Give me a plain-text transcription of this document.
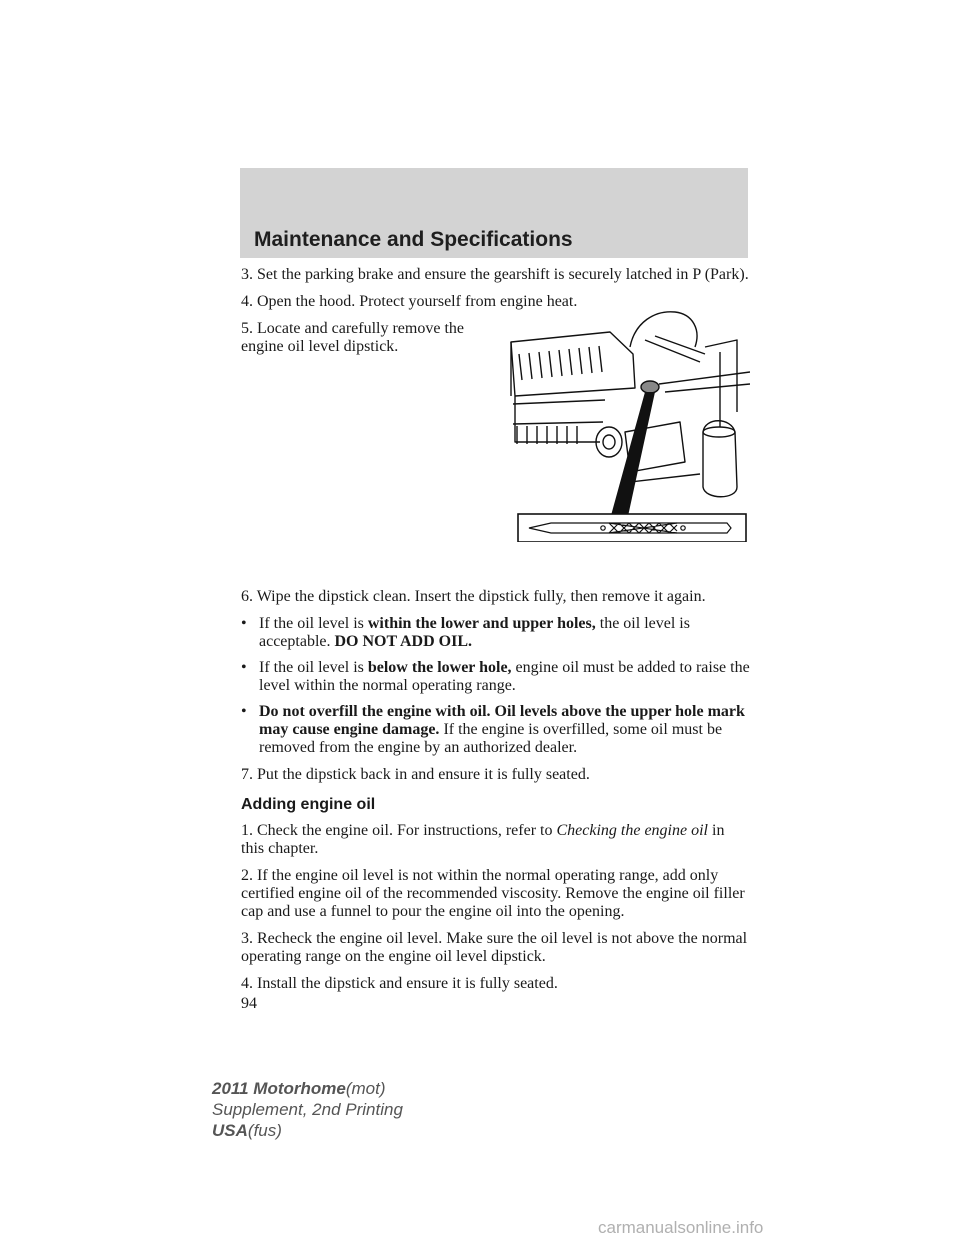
Maintenance and Specifications

3. Set the parking brake and ensure the gearshift is securely latched in P (Park).

4. Open the hood. Protect yourself from engine heat.

5. Locate and carefully remove the engine oil level dipstick.

6. Wipe the dipstick clean. Insert the dipstick fully, then remove it again.

• If the oil level is within the lower and upper holes, the oil level is acceptable. DO NOT ADD OIL.
• If the oil level is below the lower hole, engine oil must be added to raise the level within the normal operating range.
• Do not overfill the engine with oil. Oil levels above the upper hole mark may cause engine damage. If the engine is overfilled, some oil must be removed from the engine by an authorized dealer.

7. Put the dipstick back in and ensure it is fully seated.

Adding engine oil

1. Check the engine oil. For instructions, refer to Checking the engine oil in this chapter.

2. If the engine oil level is not within the normal operating range, add only certified engine oil of the recommended viscosity. Remove the engine oil filler cap and use a funnel to pour the engine oil into the opening.

3. Recheck the engine oil level. Make sure the oil level is not above the normal operating range on the engine oil level dipstick.

4. Install the dipstick and ensure it is fully seated.

94

2011 Motorhome(mot)
Supplement, 2nd Printing
USA(fus)
carmanualsonline.info
